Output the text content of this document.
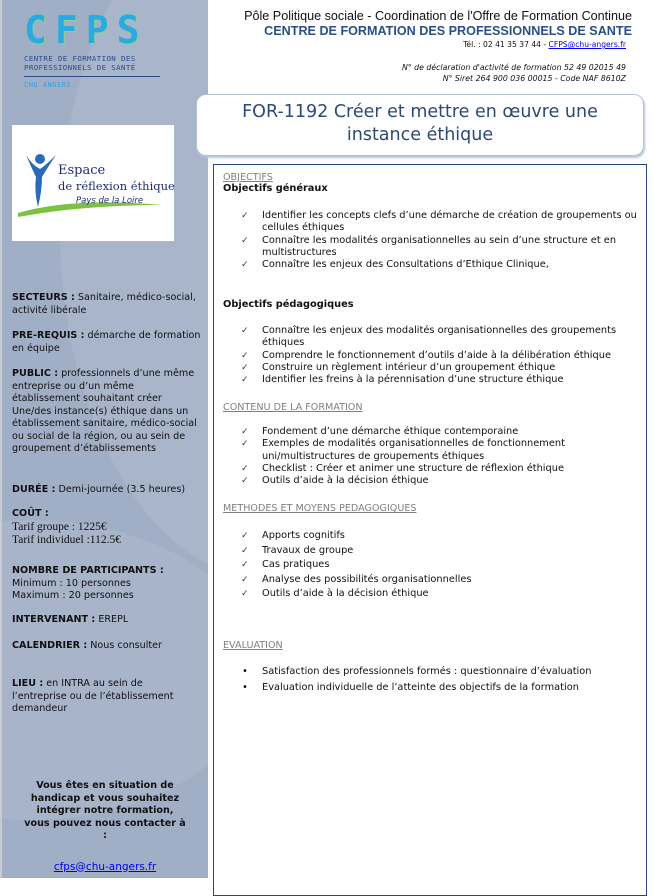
CFPS
CENTRE DE FORMATION DES
PROFESSIONNELS DE SANTÉ
CHU ANGERS
Espace
de réflexion éthique
Pays de la Loire
SECTEURS : Sanitaire, médico-social, activité libérale
PRE-REQUIS : démarche de formation en équipe
PUBLIC : professionnels d’une même entreprise ou d’un même établissement souhaitant créer Une/des instance(s) éthique dans un établissement sanitaire, médico-social ou social de la région, ou au sein de groupement d’établissements
DURÉE : Demi-journée (3.5 heures)
COÛT :
Tarif groupe : 1225€
Tarif individuel :112.5€
NOMBRE DE PARTICIPANTS :
Minimum : 10 personnes
Maximum : 20 personnes
INTERVENANT : EREPL
CALENDRIER : Nous consulter
LIEU : en INTRA au sein de l’entreprise ou de l’établissement demandeur
Vous êtes en situation de handicap et vous souhaitez intégrer notre formation, vous pouvez nous contacter à :
cfps@chu-angers.fr
Pôle Politique sociale - Coordination de l'Offre de Formation Continue
CENTRE DE FORMATION DES PROFESSIONNELS DE SANTE
Tél. : 02 41 35 37 44 - CFPS@chu-angers.fr
N° de déclaration d'activité de formation 52 49 02015 49
N° Siret 264 900 036 00015 - Code NAF 8610Z
FOR-1192 Créer et mettre en œuvre une
instance éthique
OBJECTIFS
Objectifs généraux
✓ Identifier les concepts clefs d’une démarche de création de groupements ou cellules éthiques
✓ Connaître les modalités organisationnelles au sein d’une structure et en multistructures
✓ Connaître les enjeux des Consultations d’Ethique Clinique,
Objectifs pédagogiques
✓ Connaître les enjeux des modalités organisationnelles des groupements éthiques
✓ Comprendre le fonctionnement d’outils d’aide à la délibération éthique
✓ Construire un règlement intérieur d’un groupement éthique
✓ Identifier les freins à la pérennisation d’une structure éthique
CONTENU DE LA FORMATION
✓ Fondement d’une démarche éthique contemporaine
✓ Exemples de modalités organisationnelles de fonctionnement uni/multistructures de groupements éthiques
✓ Checklist : Créer et animer une structure de réflexion éthique
✓ Outils d’aide à la décision éthique
METHODES ET MOYENS PEDAGOGIQUES
✓ Apports cognitifs
✓ Travaux de groupe
✓ Cas pratiques
✓ Analyse des possibilités organisationnelles
✓ Outils d’aide à la décision éthique
EVALUATION
• Satisfaction des professionnels formés : questionnaire d’évaluation
• Evaluation individuelle de l’atteinte des objectifs de la formation
